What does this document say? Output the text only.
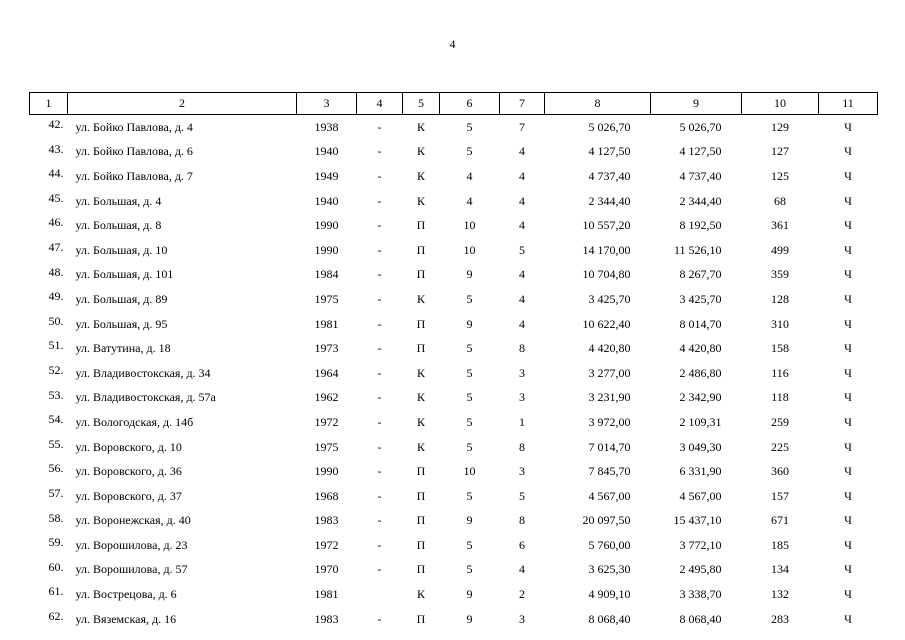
4
1	2	3	4	5	6	7	8	9	10	11
42.	ул. Бойко Павлова, д. 4	1938	-	К	5	7	5 026,70	5 026,70	129	Ч
43.	ул. Бойко Павлова, д. 6	1940	-	К	5	4	4 127,50	4 127,50	127	Ч
44.	ул. Бойко Павлова, д. 7	1949	-	К	4	4	4 737,40	4 737,40	125	Ч
45.	ул. Большая, д. 4	1940	-	К	4	4	2 344,40	2 344,40	68	Ч
46.	ул. Большая, д. 8	1990	-	П	10	4	10 557,20	8 192,50	361	Ч
47.	ул. Большая, д. 10	1990	-	П	10	5	14 170,00	11 526,10	499	Ч
48.	ул. Большая, д. 101	1984	-	П	9	4	10 704,80	8 267,70	359	Ч
49.	ул. Большая, д. 89	1975	-	К	5	4	3 425,70	3 425,70	128	Ч
50.	ул. Большая, д. 95	1981	-	П	9	4	10 622,40	8 014,70	310	Ч
51.	ул. Ватутина, д. 18	1973	-	П	5	8	4 420,80	4 420,80	158	Ч
52.	ул. Владивостокская, д. 34	1964	-	К	5	3	3 277,00	2 486,80	116	Ч
53.	ул. Владивостокская, д. 57а	1962	-	К	5	3	3 231,90	2 342,90	118	Ч
54.	ул. Вологодская, д. 14б	1972	-	К	5	1	3 972,00	2 109,31	259	Ч
55.	ул. Воровского, д. 10	1975	-	К	5	8	7 014,70	3 049,30	225	Ч
56.	ул. Воровского, д. 36	1990	-	П	10	3	7 845,70	6 331,90	360	Ч
57.	ул. Воровского, д. 37	1968	-	П	5	5	4 567,00	4 567,00	157	Ч
58.	ул. Воронежская, д. 40	1983	-	П	9	8	20 097,50	15 437,10	671	Ч
59.	ул. Ворошилова, д. 23	1972	-	П	5	6	5 760,00	3 772,10	185	Ч
60.	ул. Ворошилова, д. 57	1970	-	П	5	4	3 625,30	2 495,80	134	Ч
61.	ул. Вострецова, д. 6	1981		К	9	2	4 909,10	3 338,70	132	Ч
62.	ул. Вяземская, д. 16	1983	-	П	9	3	8 068,40	8 068,40	283	Ч
